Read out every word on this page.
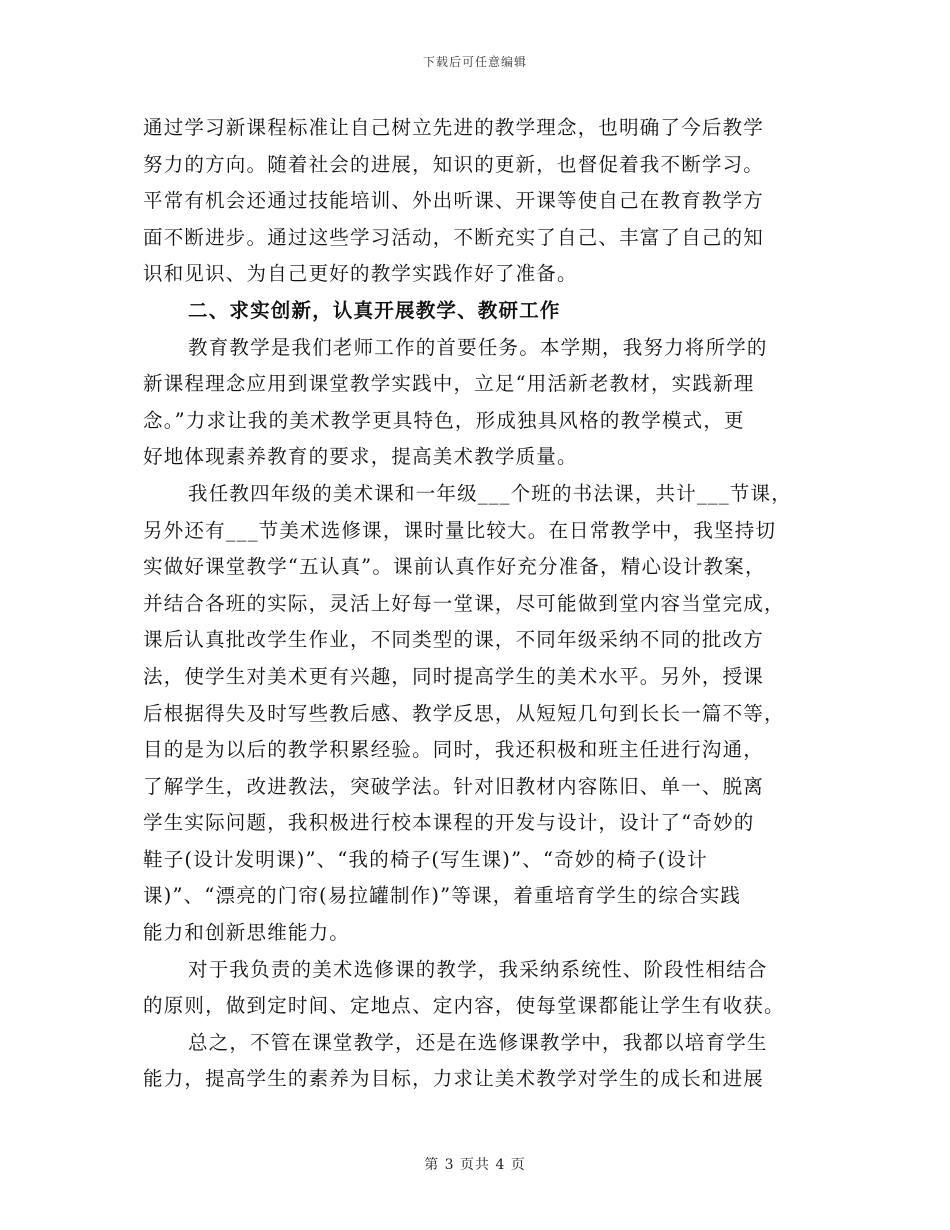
下载后可任意编辑
通过学习新课程标准让自己树立先进的教学理念，也明确了今后教学
努力的方向。随着社会的进展，知识的更新，也督促着我不断学习。
平常有机会还通过技能培训、外出听课、开课等使自己在教育教学方
面不断进步。通过这些学习活动，不断充实了自己、丰富了自己的知
识和见识、为自己更好的教学实践作好了准备。
二、求实创新，认真开展教学、教研工作
教育教学是我们老师工作的首要任务。本学期，我努力将所学的
新课程理念应用到课堂教学实践中，立足“用活新老教材，实践新理
念。”力求让我的美术教学更具特色，形成独具风格的教学模式，更
好地体现素养教育的要求，提高美术教学质量。
我任教四年级的美术课和一年级___个班的书法课，共计___节课，
另外还有___节美术选修课，课时量比较大。在日常教学中，我坚持切
实做好课堂教学“五认真”。课前认真作好充分准备，精心设计教案，
并结合各班的实际，灵活上好每一堂课，尽可能做到堂内容当堂完成，
课后认真批改学生作业，不同类型的课，不同年级采纳不同的批改方
法，使学生对美术更有兴趣，同时提高学生的美术水平。另外，授课
后根据得失及时写些教后感、教学反思，从短短几句到长长一篇不等，
目的是为以后的教学积累经验。同时，我还积极和班主任进行沟通，
了解学生，改进教法，突破学法。针对旧教材内容陈旧、单一、脱离
学生实际问题，我积极进行校本课程的开发与设计，设计了“奇妙的
鞋子(设计发明课)”、“我的椅子(写生课)”、“奇妙的椅子(设计
课)”、“漂亮的门帘(易拉罐制作)”等课，着重培育学生的综合实践
能力和创新思维能力。
对于我负责的美术选修课的教学，我采纳系统性、阶段性相结合
的原则，做到定时间、定地点、定内容，使每堂课都能让学生有收获。
总之，不管在课堂教学，还是在选修课教学中，我都以培育学生
能力，提高学生的素养为目标，力求让美术教学对学生的成长和进展
第 3 页共 4 页
